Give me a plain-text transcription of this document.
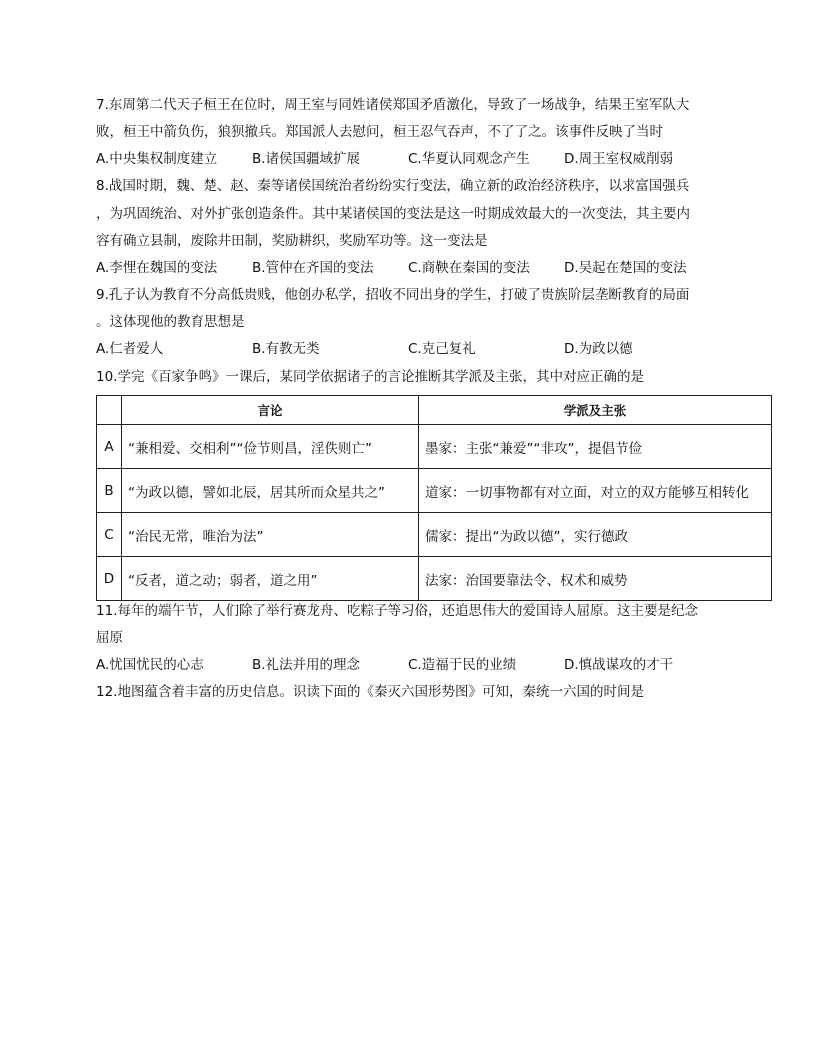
7.东周第二代天子桓王在位时，周王室与同姓诸侯郑国矛盾激化，导致了一场战争，结果王室军队大
败，桓王中箭负伤，狼狈撤兵。郑国派人去慰问，桓王忍气吞声，不了了之。该事件反映了当时
A.中央集权制度建立	B.诸侯国疆域扩展	C.华夏认同观念产生	D.周王室权威削弱
8.战国时期，魏、楚、赵、秦等诸侯国统治者纷纷实行变法，确立新的政治经济秩序，以求富国强兵
，为巩固统治、对外扩张创造条件。其中某诸侯国的变法是这一时期成效最大的一次变法，其主要内
容有确立县制，废除井田制，奖励耕织，奖励军功等。这一变法是
A.李悝在魏国的变法	B.管仲在齐国的变法	C.商鞅在秦国的变法	D.吴起在楚国的变法
9.孔子认为教育不分高低贵贱，他创办私学，招收不同出身的学生，打破了贵族阶层垄断教育的局面
。这体现他的教育思想是
A.仁者爱人	B.有教无类	C.克己复礼	D.为政以德
10.学完《百家争鸣》一课后，某同学依据诸子的言论推断其学派及主张，其中对应正确的是
	言论	学派及主张
A	“兼相爱、交相利”“俭节则昌，淫佚则亡”	墨家：主张“兼爱”“非攻”，提倡节俭
B	“为政以德，譬如北辰，居其所而众星共之”	道家：一切事物都有对立面，对立的双方能够互相转化
C	“治民无常，唯治为法”	儒家：提出“为政以德”，实行德政
D	“反者，道之动；弱者，道之用”	法家：治国要靠法令、权术和威势
11.每年的端午节，人们除了举行赛龙舟、吃粽子等习俗，还追思伟大的爱国诗人屈原。这主要是纪念
屈原
A.忧国忧民的心志	B.礼法并用的理念	C.造福于民的业绩	D.慎战谋攻的才干
12.地图蕴含着丰富的历史信息。识读下面的《秦灭六国形势图》可知，秦统一六国的时间是
